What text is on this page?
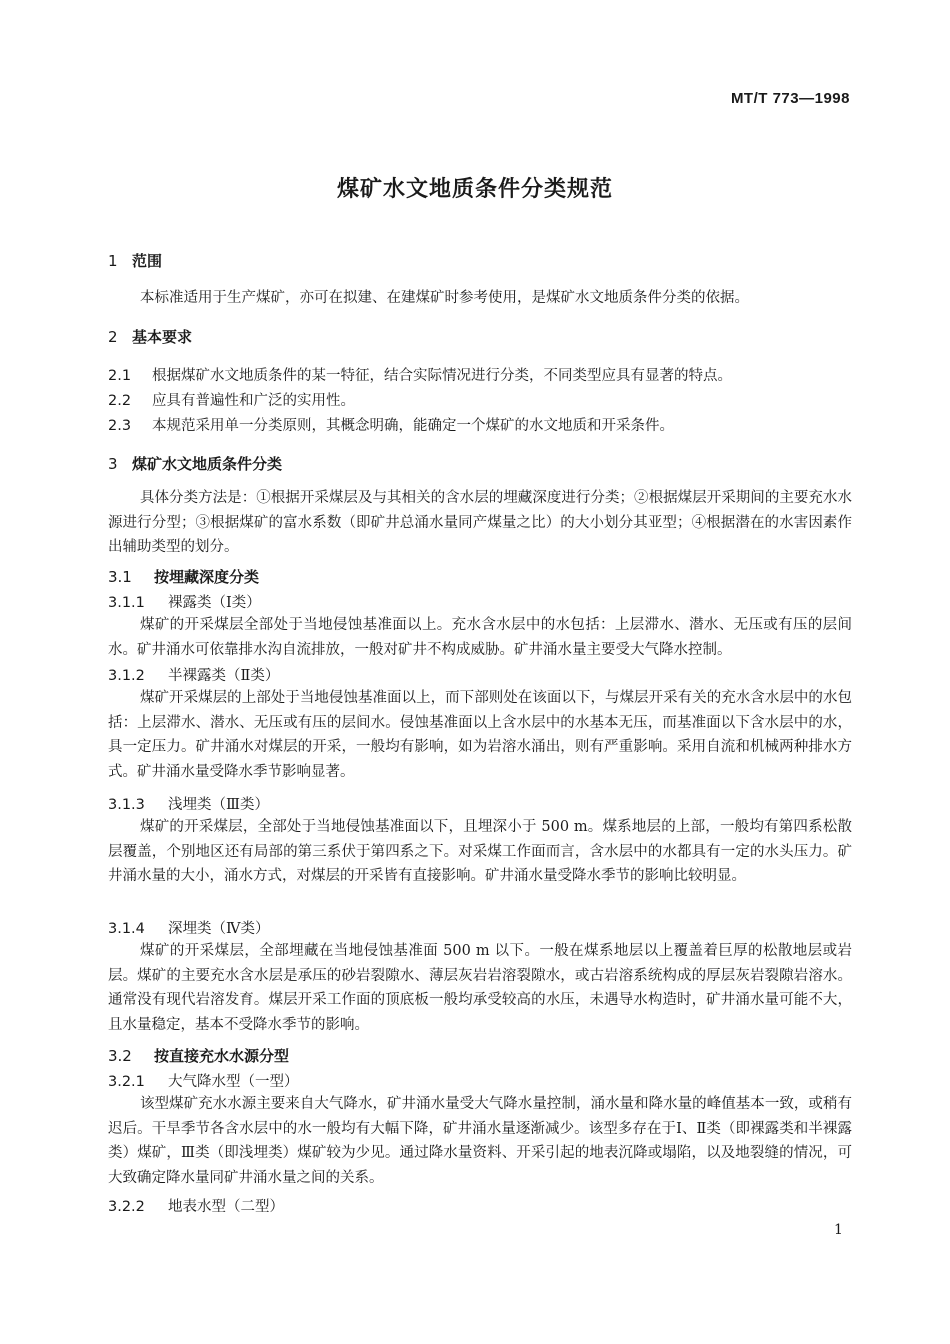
MT/T 773—1998
煤矿水文地质条件分类规范
1 范围

本标准适用于生产煤矿，亦可在拟建、在建煤矿时参考使用，是煤矿水文地质条件分类的依据。

2 基本要求
2.1 根据煤矿水文地质条件的某一特征，结合实际情况进行分类，不同类型应具有显著的特点。
2.2 应具有普遍性和广泛的实用性。
2.3 本规范采用单一分类原则，其概念明确，能确定一个煤矿的水文地质和开采条件。
3 煤矿水文地质条件分类

具体分类方法是：①根据开采煤层及与其相关的含水层的埋藏深度进行分类；②根据煤层开采期间的主要充水水源进行分型；③根据煤矿的富水系数（即矿井总涌水量同产煤量之比）的大小划分其亚型；④根据潜在的水害因素作出辅助类型的划分。

3.1 按埋藏深度分类
3.1.1 裸露类（Ⅰ类）

煤矿的开采煤层全部处于当地侵蚀基准面以上。充水含水层中的水包括：上层滞水、潜水、无压或有压的层间水。矿井涌水可依靠排水沟自流排放，一般对矿井不构成威胁。矿井涌水量主要受大气降水控制。

3.1.2 半裸露类（Ⅱ类）

煤矿开采煤层的上部处于当地侵蚀基准面以上，而下部则处在该面以下，与煤层开采有关的充水含水层中的水包括：上层滞水、潜水、无压或有压的层间水。侵蚀基准面以上含水层中的水基本无压，而基准面以下含水层中的水，具一定压力。矿井涌水对煤层的开采，一般均有影响，如为岩溶水涌出，则有严重影响。采用自流和机械两种排水方式。矿井涌水量受降水季节影响显著。

3.1.3 浅埋类（Ⅲ类）

煤矿的开采煤层，全部处于当地侵蚀基准面以下，且埋深小于 500 m。煤系地层的上部，一般均有第四系松散层覆盖，个别地区还有局部的第三系伏于第四系之下。对采煤工作面而言，含水层中的水都具有一定的水头压力。矿井涌水量的大小，涌水方式，对煤层的开采皆有直接影响。矿井涌水量受降水季节的影响比较明显。

3.1.4 深埋类（Ⅳ类）

煤矿的开采煤层，全部埋藏在当地侵蚀基准面 500 m 以下。一般在煤系地层以上覆盖着巨厚的松散地层或岩层。煤矿的主要充水含水层是承压的砂岩裂隙水、薄层灰岩岩溶裂隙水，或古岩溶系统构成的厚层灰岩裂隙岩溶水。通常没有现代岩溶发育。煤层开采工作面的顶底板一般均承受较高的水压，未遇导水构造时，矿井涌水量可能不大，且水量稳定，基本不受降水季节的影响。

3.2 按直接充水水源分型
3.2.1 大气降水型（一型）

该型煤矿充水水源主要来自大气降水，矿井涌水量受大气降水量控制，涌水量和降水量的峰值基本一致，或稍有迟后。干旱季节各含水层中的水一般均有大幅下降，矿井涌水量逐渐减少。该型多存在于Ⅰ、Ⅱ类（即裸露类和半裸露类）煤矿，Ⅲ类（即浅埋类）煤矿较为少见。通过降水量资料、开采引起的地表沉降或塌陷，以及地裂缝的情况，可大致确定降水量同矿井涌水量之间的关系。

3.2.2 地表水型（二型）
1
